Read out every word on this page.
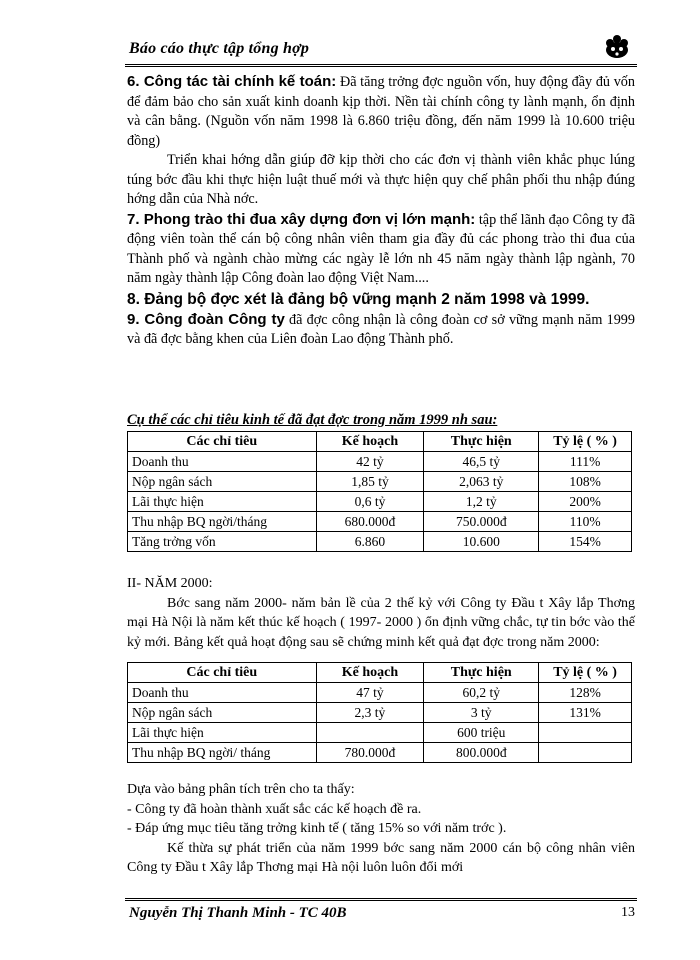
Báo cáo thực tập tổng hợp

6. Công tác tài chính kế toán: Đã tăng trởng đợc nguồn vốn, huy động đầy đủ vốn để đảm bảo cho sản xuất kinh doanh kịp thời. Nền tài chính công ty lành mạnh, ổn định và cân bằng. (Nguồn vốn năm 1998 là 6.860 triệu đồng, đến năm 1999 là 10.600 triệu đồng)

Triển khai hớng dẫn giúp đỡ kịp thời cho các đơn vị thành viên khắc phục lúng túng bớc đầu khi thực hiện luật thuế mới và thực hiện quy chế phân phối thu nhập đúng hớng dẫn của Nhà nớc.

7. Phong trào thi đua xây dựng đơn vị lớn mạnh: tập thể lãnh đạo Công ty đã động viên toàn thể cán bộ công nhân viên tham gia đầy đủ các phong trào thi đua của Thành phố và ngành chào mừng các ngày lễ lớn nh 45 năm ngày thành lập ngành, 70 năm ngày thành lập Công đoàn lao động Việt Nam....

8. Đảng bộ đợc xét là đảng bộ vững mạnh 2 năm 1998 và 1999.

9. Công đoàn Công ty đã đợc công nhận là công đoàn cơ sở vững mạnh năm 1999 và đã đợc bằng khen của Liên đoàn Lao động Thành phố.

Cụ thể các chỉ tiêu kinh tế đã đạt đợc trong năm 1999 nh sau:
Các chỉ tiêu	Kế hoạch	Thực hiện	Tỷ lệ ( % )
Doanh thu	42 tỷ	46,5 tỷ	111%
Nộp ngân sách	1,85 tỷ	2,063 tỷ	108%
Lãi thực hiện	0,6 tỷ	1,2 tỷ	200%
Thu nhập BQ ngời/tháng	680.000đ	750.000đ	110%
Tăng trởng vốn	6.860	10.600	154%

II- NĂM 2000:

Bớc sang năm 2000- năm bản lề của 2 thế kỷ với Công ty Đầu t Xây lắp Thơng mại Hà Nội là năm kết thúc kế hoạch ( 1997- 2000 ) ổn định vững chắc, tự tin bớc vào thế kỷ mới. Bảng kết quả hoạt động sau sẽ chứng minh kết quả đạt đợc trong năm 2000:

Các chỉ tiêu	Kế hoạch	Thực hiện	Tỷ lệ ( % )
Doanh thu	47 tỷ	60,2 tỷ	128%
Nộp ngân sách	2,3 tỷ	3 tỷ	131%
Lãi thực hiện		600 triệu	
Thu nhập BQ ngời/ tháng	780.000đ	800.000đ	

Dựa vào bảng phân tích trên cho ta thấy:

- Công ty đã hoàn thành xuất sắc các kế hoạch đề ra.

- Đáp ứng mục tiêu tăng trởng kinh tế ( tăng 15% so với năm trớc ).

Kế thừa sự phát triển của năm 1999 bớc sang năm 2000 cán bộ công nhân viên Công ty Đầu t Xây lắp Thơng mại Hà nội luôn luôn đổi mới

Nguyễn Thị Thanh Minh - TC 40B	13
